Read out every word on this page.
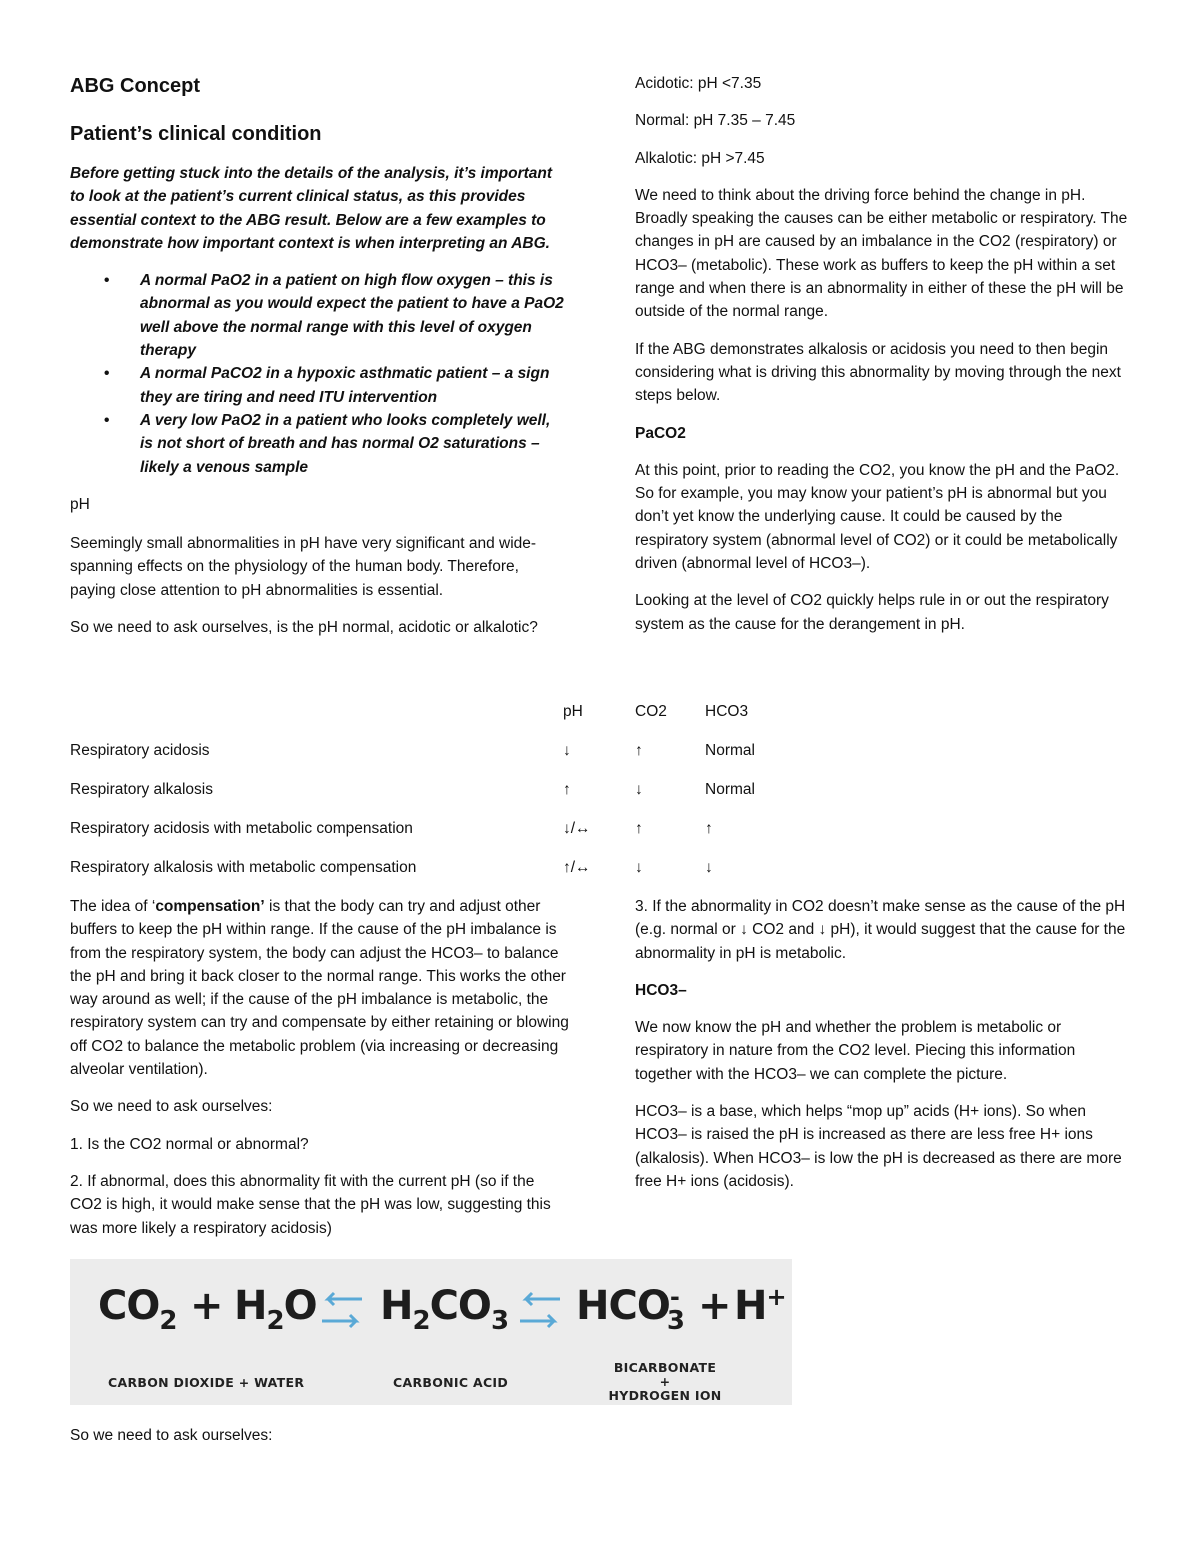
ABG Concept
Patient’s clinical condition

Before getting stuck into the details of the analysis, it’s important to look at the patient’s current clinical status, as this provides essential context to the ABG result. Below are a few examples to demonstrate how important context is when interpreting an ABG.

• A normal PaO2 in a patient on high flow oxygen – this is abnormal as you would expect the patient to have a PaO2 well above the normal range with this level of oxygen therapy
• A normal PaCO2 in a hypoxic asthmatic patient – a sign they are tiring and need ITU intervention
• A very low PaO2 in a patient who looks completely well, is not short of breath and has normal O2 saturations – likely a venous sample

pH

Seemingly small abnormalities in pH have very significant and wide-spanning effects on the physiology of the human body. Therefore, paying close attention to pH abnormalities is essential.

So we need to ask ourselves, is the pH normal, acidotic or alkalotic?

Acidotic: pH <7.35

Normal: pH 7.35 – 7.45

Alkalotic: pH >7.45

We need to think about the driving force behind the change in pH. Broadly speaking the causes can be either metabolic or respiratory. The changes in pH are caused by an imbalance in the CO2 (respiratory) or HCO3– (metabolic). These work as buffers to keep the pH within a set range and when there is an abnormality in either of these the pH will be outside of the normal range.

If the ABG demonstrates alkalosis or acidosis you need to then begin considering what is driving this abnormality by moving through the next steps below.

PaCO2

At this point, prior to reading the CO2, you know the pH and the PaO2. So for example, you may know your patient’s pH is abnormal but you don’t yet know the underlying cause. It could be caused by the respiratory system (abnormal level of CO2) or it could be metabolically driven (abnormal level of HCO3–).

Looking at the level of CO2 quickly helps rule in or out the respiratory system as the cause for the derangement in pH.

pH	CO2 HCO3
Respiratory acidosis	↓	↑	Normal
Respiratory alkalosis	↑	↓	Normal
Respiratory acidosis with metabolic compensation	↓/↔	↑	↑
Respiratory alkalosis with metabolic compensation	↑/↔	↓	↓

The idea of ‘compensation’ is that the body can try and adjust other buffers to keep the pH within range. If the cause of the pH imbalance is from the respiratory system, the body can adjust the HCO3– to balance the pH and bring it back closer to the normal range. This works the other way around as well; if the cause of the pH imbalance is metabolic, the respiratory system can try and compensate by either retaining or blowing off CO2 to balance the metabolic problem (via increasing or decreasing alveolar ventilation).

So we need to ask ourselves:

1. Is the CO2 normal or abnormal?

2. If abnormal, does this abnormality fit with the current pH (so if the CO2 is high, it would make sense that the pH was low, suggesting this was more likely a respiratory acidosis)

3. If the abnormality in CO2 doesn’t make sense as the cause of the pH (e.g. normal or ↓ CO2 and ↓ pH), it would suggest that the cause for the abnormality in pH is metabolic.

HCO3–

We now know the pH and whether the problem is metabolic or respiratory in nature from the CO2 level. Piecing this information together with the HCO3– we can complete the picture.

HCO3– is a base, which helps “mop up” acids (H+ ions). So when HCO3– is raised the pH is increased as there are less free H+ ions (alkalosis). When HCO3– is low the pH is decreased as there are more free H+ ions (acidosis).

$CO_2 + H_2O$ ⇌ $H_2CO_3$ ⇌ $HCO^-_3 + H^+$
CARBON DIOXIDE + WATER	CARBONIC ACID
BICARBONATE
+
HYDROGEN ION
So we need to ask ourselves:
